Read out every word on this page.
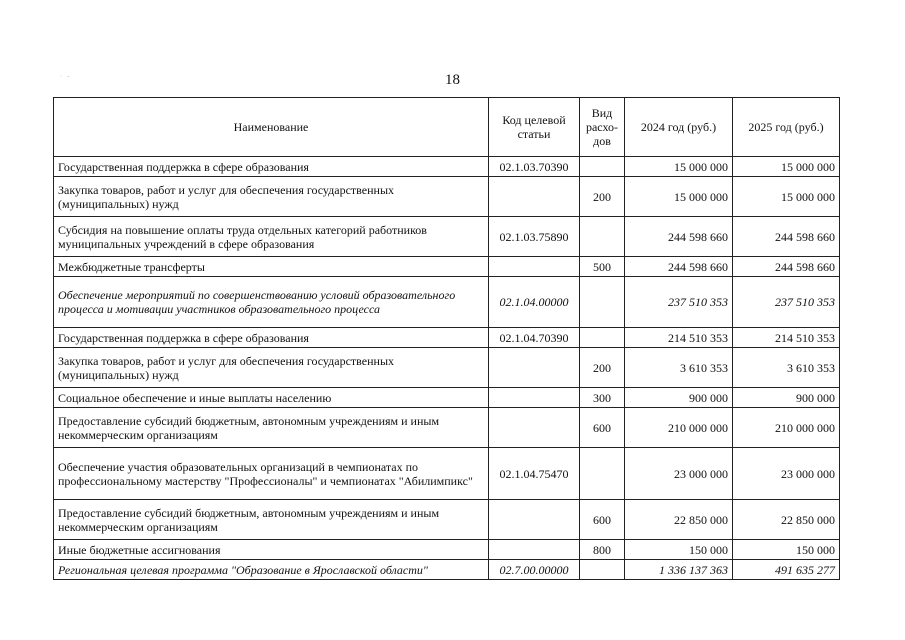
· -	18
Наименование	Код целевой статьи	Вид расхо-дов	2024 год (руб.)	2025 год (руб.)
Государственная поддержка в сфере образования	02.1.03.70390		15 000 000	15 000 000
Закупка товаров, работ и услуг для обеспечения государственных (муниципальных) нужд		200	15 000 000	15 000 000
Субсидия на повышение оплаты труда отдельных категорий работников муниципальных учреждений в сфере образования	02.1.03.75890		244 598 660	244 598 660
Межбюджетные трансферты		500	244 598 660	244 598 660
Обеспечение мероприятий по совершенствованию условий образовательного процесса и мотивации участников образовательного процесса	02.1.04.00000		237 510 353	237 510 353
Государственная поддержка в сфере образования	02.1.04.70390		214 510 353	214 510 353
Закупка товаров, работ и услуг для обеспечения государственных (муниципальных) нужд		200	3 610 353	3 610 353
Социальное обеспечение и иные выплаты населению		300	900 000	900 000
Предоставление субсидий бюджетным, автономным учреждениям и иным некоммерческим организациям		600	210 000 000	210 000 000
Обеспечение участия образовательных организаций в чемпионатах по профессиональному мастерству "Профессионалы" и чемпионатах "Абилимпикс"	02.1.04.75470		23 000 000	23 000 000
Предоставление субсидий бюджетным, автономным учреждениям и иным некоммерческим организациям		600	22 850 000	22 850 000
Иные бюджетные ассигнования		800	150 000	150 000
Региональная целевая программа "Образование в Ярославской области"	02.7.00.00000		1 336 137 363	491 635 277
